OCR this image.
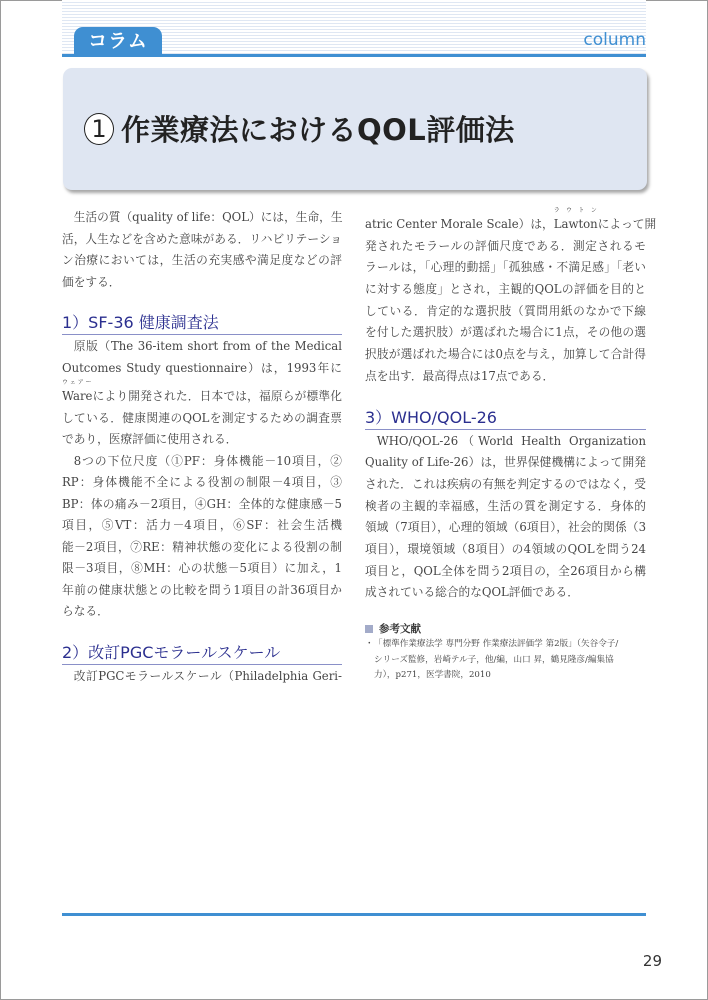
コラム	column
1 作業療法におけるQOL評価法
生活の質（quality of life：QOL）には，生命，生
活，人生などを含めた意味がある．リハビリテーショ
ン治療においては，生活の充実感や満足度などの評
価をする．
1）SF-36 健康調査法
原版（The 36-item short from of the Medical
Outcomes Study questionnaire）は，1993年に
Ware
ウェアー
により開発された．日本では，福原らが標準化
している．健康関連のQOLを測定するための調査票
であり，医療評価に使用される．
8つの下位尺度（①PF：身体機能－10項目，②
RP：身体機能不全による役割の制限－4項目，③
BP：体の痛み－2項目，④GH：全体的な健康感－5
項目，⑤VT：活力－4項目，⑥SF：社会生活機
能－2項目，⑦RE：精神状態の変化による役割の制
限－3項目，⑧MH：心の状態－5項目）に加え，1
年前の健康状態との比較を問う1項目の計36項目か
らなる．
2）改訂PGCモラールスケール
改訂PGCモラールスケール（Philadelphia Geri-
atric Center Morale Scale）は，Lawton
ラウトン
によって開
発されたモラールの評価尺度である．測定されるモ
ラールは，「心理的動揺」「孤独感・不満足感」「老い
に対する態度」とされ，主観的QOLの評価を目的と
している．肯定的な選択肢（質問用紙のなかで下線
を付した選択肢）が選ばれた場合に1点，その他の選
択肢が選ばれた場合には0点を与え，加算して合計得
点を出す．最高得点は17点である．
3）WHO/QOL-26
WHO/QOL-26（World Health Organization
Quality of Life-26）は，世界保健機構によって開発
された．これは疾病の有無を判定するのではなく，受
検者の主観的幸福感，生活の質を測定する．身体的
領域（7項目），心理的領域（6項目），社会的関係（3
項目），環境領域（8項目）の4領域のQOLを問う24
項目と，QOL全体を問う2項目の，全26項目から構
成されている総合的なQOL評価である．
参考文献
・ 「標準作業療法学 専門分野 作業療法評価学 第2版」（矢谷令子/
シリーズ監修，岩崎テル子，他/編，山口 昇，鶴見隆彦/編集協
力），p271，医学書院，2010
29
